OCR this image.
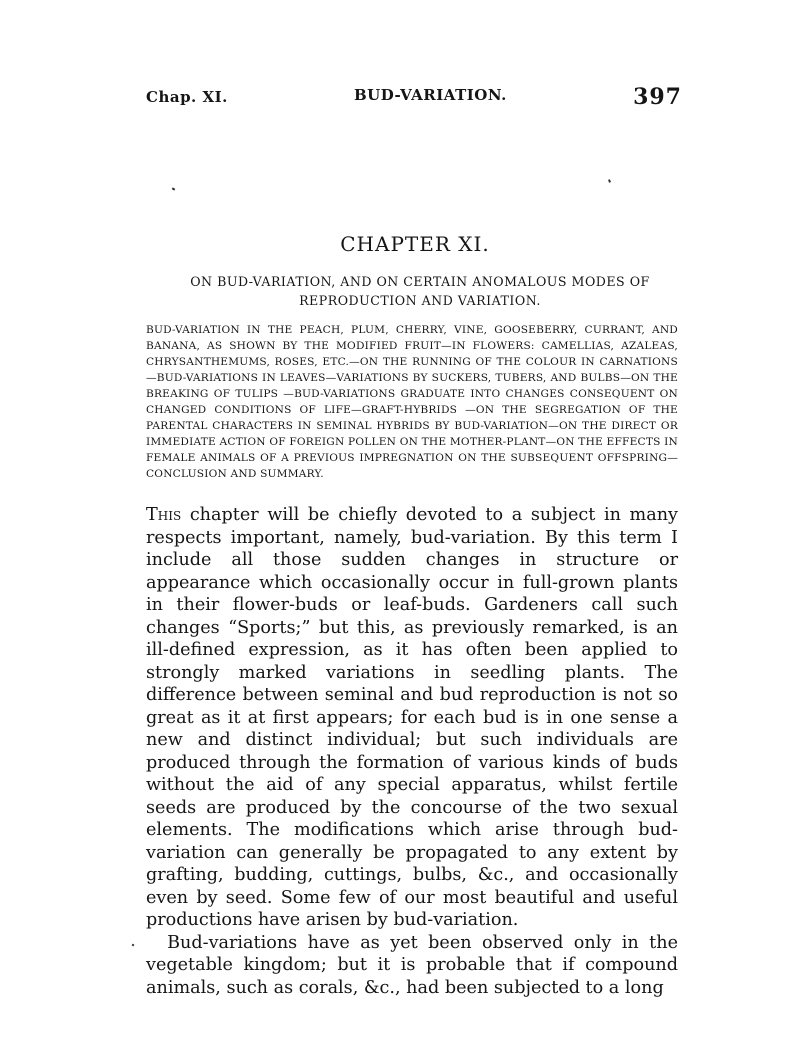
Chap. XI.	BUD-VARIATION.	397
CHAPTER XI.
ON BUD-VARIATION, AND ON CERTAIN ANOMALOUS MODES OF REPRODUCTION AND VARIATION.
BUD-VARIATION IN THE PEACH, PLUM, CHERRY, VINE, GOOSEBERRY, CURRANT, AND BANANA, AS SHOWN BY THE MODIFIED FRUIT—IN FLOWERS: CAMELLIAS, AZALEAS, CHRYSANTHEMUMS, ROSES, ETC.—ON THE RUNNING OF THE COLOUR IN CARNATIONS—BUD-VARIATIONS IN LEAVES—VARIATIONS BY SUCKERS, TUBERS, AND BULBS—ON THE BREAKING OF TULIPS —BUD-VARIATIONS GRADUATE INTO CHANGES CONSEQUENT ON CHANGED CONDITIONS OF LIFE—GRAFT-HYBRIDS —ON THE SEGREGATION OF THE PARENTAL CHARACTERS IN SEMINAL HYBRIDS BY BUD-VARIATION—ON THE DIRECT OR IMMEDIATE ACTION OF FOREIGN POLLEN ON THE MOTHER-PLANT—ON THE EFFECTS IN FEMALE ANIMALS OF A PREVIOUS IMPREGNATION ON THE SUBSEQUENT OFFSPRING—CONCLUSION AND SUMMARY.

This chapter will be chiefly devoted to a subject in many respects important, namely, bud-variation. By this term I include all those sudden changes in structure or appearance which occasionally occur in full-grown plants in their flower-buds or leaf-buds. Gardeners call such changes “Sports;” but this, as previously remarked, is an ill-defined expression, as it has often been applied to strongly marked variations in seedling plants. The difference between seminal and bud reproduction is not so great as it at first appears; for each bud is in one sense a new and distinct individual; but such individuals are produced through the formation of various kinds of buds without the aid of any special apparatus, whilst fertile seeds are produced by the concourse of the two sexual elements. The modifications which arise through bud-variation can generally be propagated to any extent by grafting, budding, cuttings, bulbs, &c., and occasionally even by seed. Some few of our most beautiful and useful productions have arisen by bud-variation.

Bud-variations have as yet been observed only in the vegetable kingdom; but it is probable that if compound animals, such as corals, &c., had been subjected to a long
